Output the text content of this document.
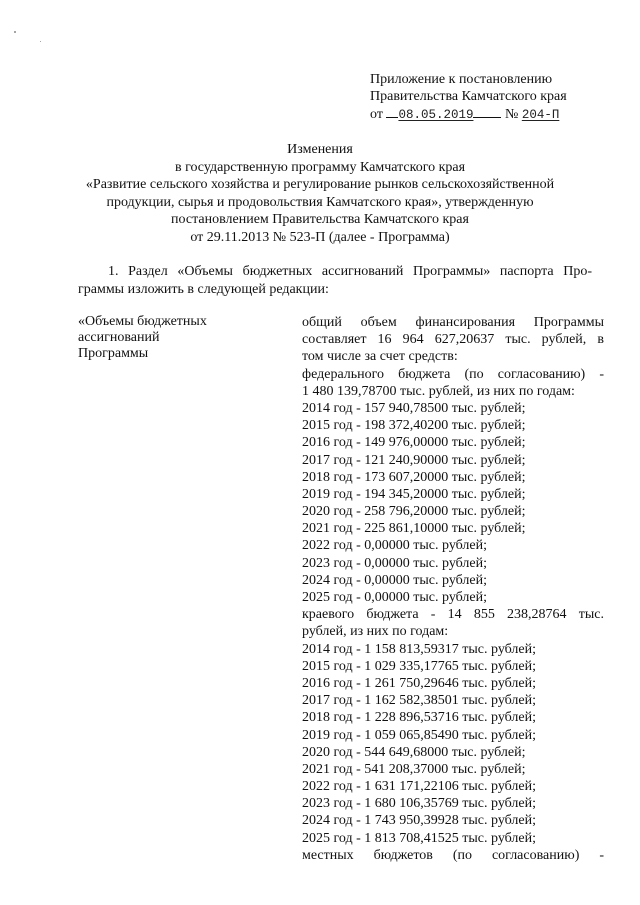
Приложение к постановлению
Правительства Камчатского края
от 08.05.2019 № 204-П
Изменения
в государственную программу Камчатского края
«Развитие сельского хозяйства и регулирование рынков сельскохозяйственной
продукции, сырья и продовольствия Камчатского края», утвержденную
постановлением Правительства Камчатского края
от 29.11.2013 № 523-П (далее - Программа)
1. Раздел «Объемы бюджетных ассигнований Программы» паспорта Про-
граммы изложить в следующей редакции:
«Объемы бюджетных
ассигнований
Программы
общий объем финансирования Программы
составляет 16 964 627,20637 тыс. рублей, в
том числе за счет средств:
федерального бюджета (по согласованию) -
1 480 139,78700 тыс. рублей, из них по годам:
2014 год - 157 940,78500 тыс. рублей;
2015 год - 198 372,40200 тыс. рублей;
2016 год - 149 976,00000 тыс. рублей;
2017 год - 121 240,90000 тыс. рублей;
2018 год - 173 607,20000 тыс. рублей;
2019 год - 194 345,20000 тыс. рублей;
2020 год - 258 796,20000 тыс. рублей;
2021 год - 225 861,10000 тыс. рублей;
2022 год - 0,00000 тыс. рублей;
2023 год - 0,00000 тыс. рублей;
2024 год - 0,00000 тыс. рублей;
2025 год - 0,00000 тыс. рублей;
краевого бюджета - 14 855 238,28764 тыс.
рублей, из них по годам:
2014 год - 1 158 813,59317 тыс. рублей;
2015 год - 1 029 335,17765 тыс. рублей;
2016 год - 1 261 750,29646 тыс. рублей;
2017 год - 1 162 582,38501 тыс. рублей;
2018 год - 1 228 896,53716 тыс. рублей;
2019 год - 1 059 065,85490 тыс. рублей;
2020 год - 544 649,68000 тыс. рублей;
2021 год - 541 208,37000 тыс. рублей;
2022 год - 1 631 171,22106 тыс. рублей;
2023 год - 1 680 106,35769 тыс. рублей;
2024 год - 1 743 950,39928 тыс. рублей;
2025 год - 1 813 708,41525 тыс. рублей;
местных бюджетов (по согласованию) -
